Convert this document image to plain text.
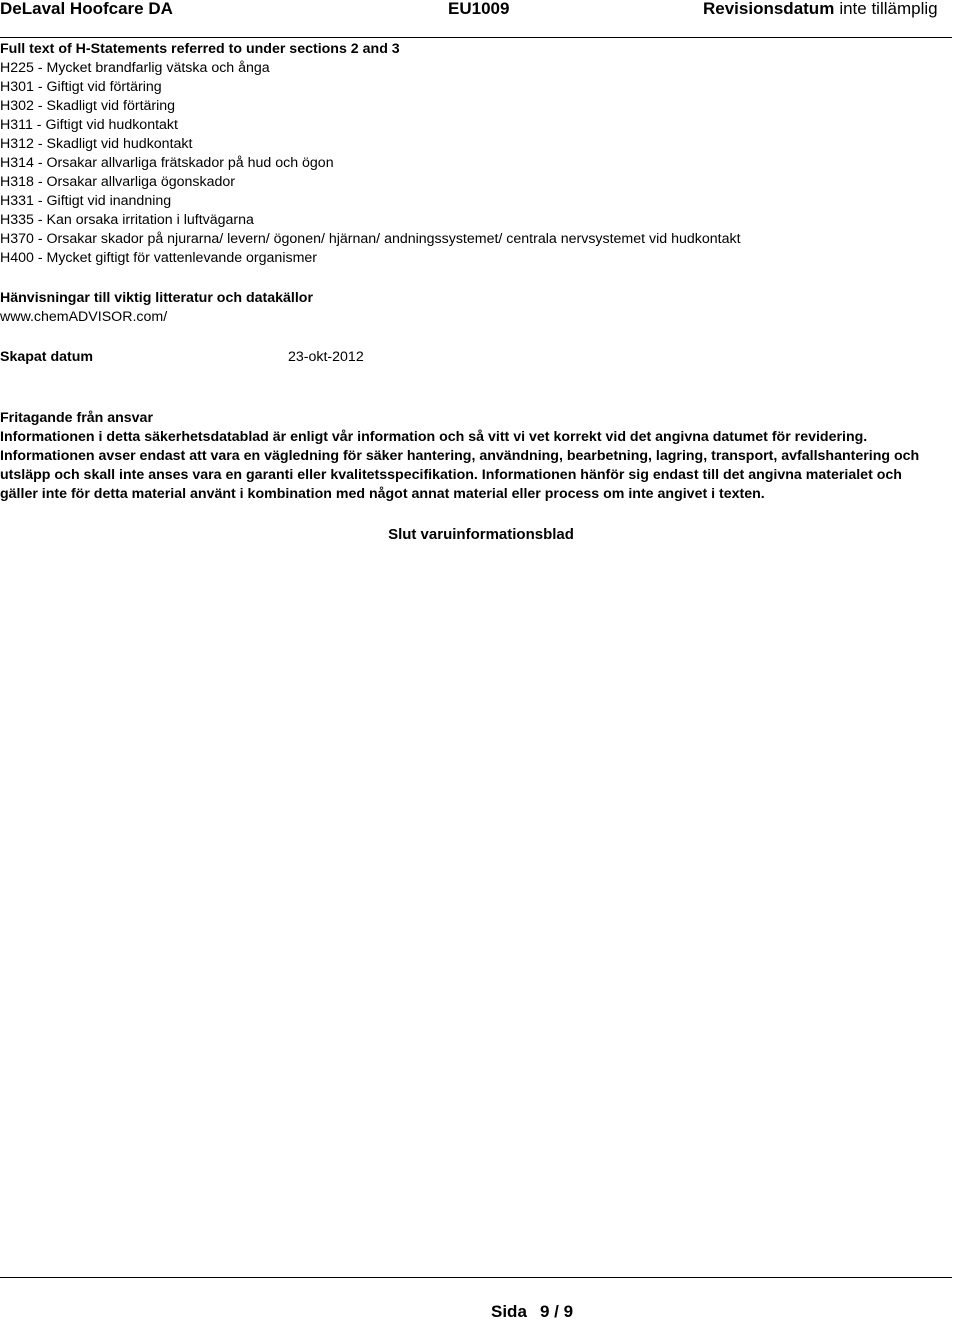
DeLaval Hoofcare DA	EU1009	Revisionsdatum inte tillämplig
Full text of H-Statements referred to under sections 2 and 3
H225 - Mycket brandfarlig vätska och ånga
H301 - Giftigt vid förtäring
H302 - Skadligt vid förtäring
H311 - Giftigt vid hudkontakt
H312 - Skadligt vid hudkontakt
H314 - Orsakar allvarliga frätskador på hud och ögon
H318 - Orsakar allvarliga ögonskador
H331 - Giftigt vid inandning
H335 - Kan orsaka irritation i luftvägarna
H370 - Orsakar skador på njurarna/ levern/ ögonen/ hjärnan/ andningssystemet/ centrala nervsystemet vid hudkontakt
H400 - Mycket giftigt för vattenlevande organismer
Hänvisningar till viktig litteratur och datakällor
www.chemADVISOR.com/
Skapat datum	23-okt-2012
Fritagande från ansvar

Informationen i detta säkerhetsdatablad är enligt vår information och så vitt vi vet korrekt vid det angivna datumet för revidering. Informationen avser endast att vara en vägledning för säker hantering, användning, bearbetning, lagring, transport, avfallshantering och utsläpp och skall inte anses vara en garanti eller kvalitetsspecifikation. Informationen hänför sig endast till det angivna materialet och gäller inte för detta material använt i kombination med något annat material eller process om inte angivet i texten.

Slut varuinformationsblad
Sida 9 / 9
